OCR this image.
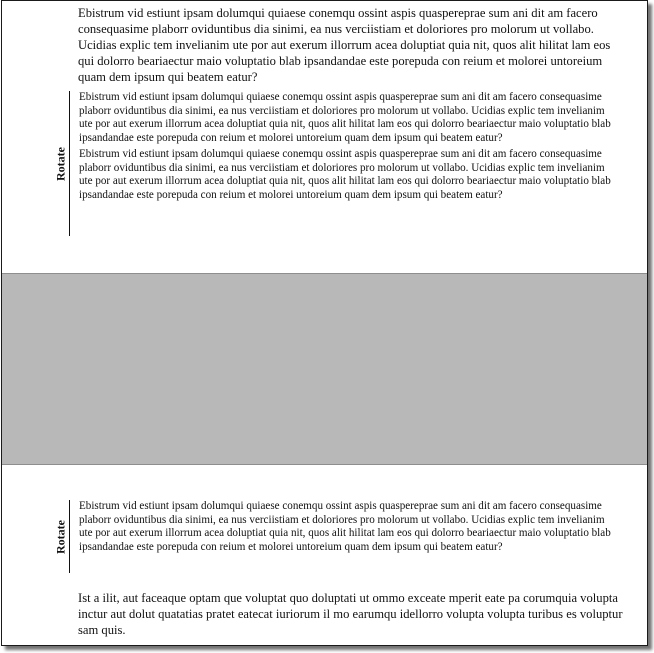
Ebistrum vid estiunt ipsam dolumqui quiaese conemqu ossint aspis quaspereprae sum ani dit am facero consequasime plaborr oviduntibus dia sinimi, ea nus verciistiam et doloriores pro molorum ut vollabo. Ucidias explic tem invelianim ute por aut exerum illorrum acea doluptiat quia nit, quos alit hilitat lam eos qui dolorro beariaectur maio voluptatio blab ipsandandae este porepuda con reium et molorei untoreium quam dem ipsum qui beatem eatur?

Rotate

Ebistrum vid estiunt ipsam dolumqui quiaese conemqu ossint aspis quaspereprae sum ani dit am facero consequasime plaborr oviduntibus dia sinimi, ea nus verciistiam et doloriores pro molorum ut vollabo. Ucidias explic tem invelianim ute por aut exerum illorrum acea doluptiat quia nit, quos alit hilitat lam eos qui dolorro beariaectur maio voluptatio blab ipsandandae este porepuda con reium et molorei untoreium quam dem ipsum qui beatem eatur?

Ebistrum vid estiunt ipsam dolumqui quiaese conemqu ossint aspis quaspereprae sum ani dit am facero consequasime plaborr oviduntibus dia sinimi, ea nus verciistiam et doloriores pro molorum ut vollabo. Ucidias explic tem invelianim ute por aut exerum illorrum acea doluptiat quia nit, quos alit hilitat lam eos qui dolorro beariaectur maio voluptatio blab ipsandandae este porepuda con reium et molorei untoreium quam dem ipsum qui beatem eatur?

Rotate

Ebistrum vid estiunt ipsam dolumqui quiaese conemqu ossint aspis quaspereprae sum ani dit am facero consequasime plaborr oviduntibus dia sinimi, ea nus verciistiam et doloriores pro molorum ut vollabo. Ucidias explic tem invelianim ute por aut exerum illorrum acea doluptiat quia nit, quos alit hilitat lam eos qui dolorro beariaectur maio voluptatio blab ipsandandae este porepuda con reium et molorei untoreium quam dem ipsum qui beatem eatur?

Ist a ilit, aut faceaque optam que voluptat quo doluptati ut ommo exceate mperit eate pa corumquia volupta inctur aut dolut quatatias pratet eatecat iuriorum il mo earumqu idellorro volupta volupta turibus es voluptur sam quis.
